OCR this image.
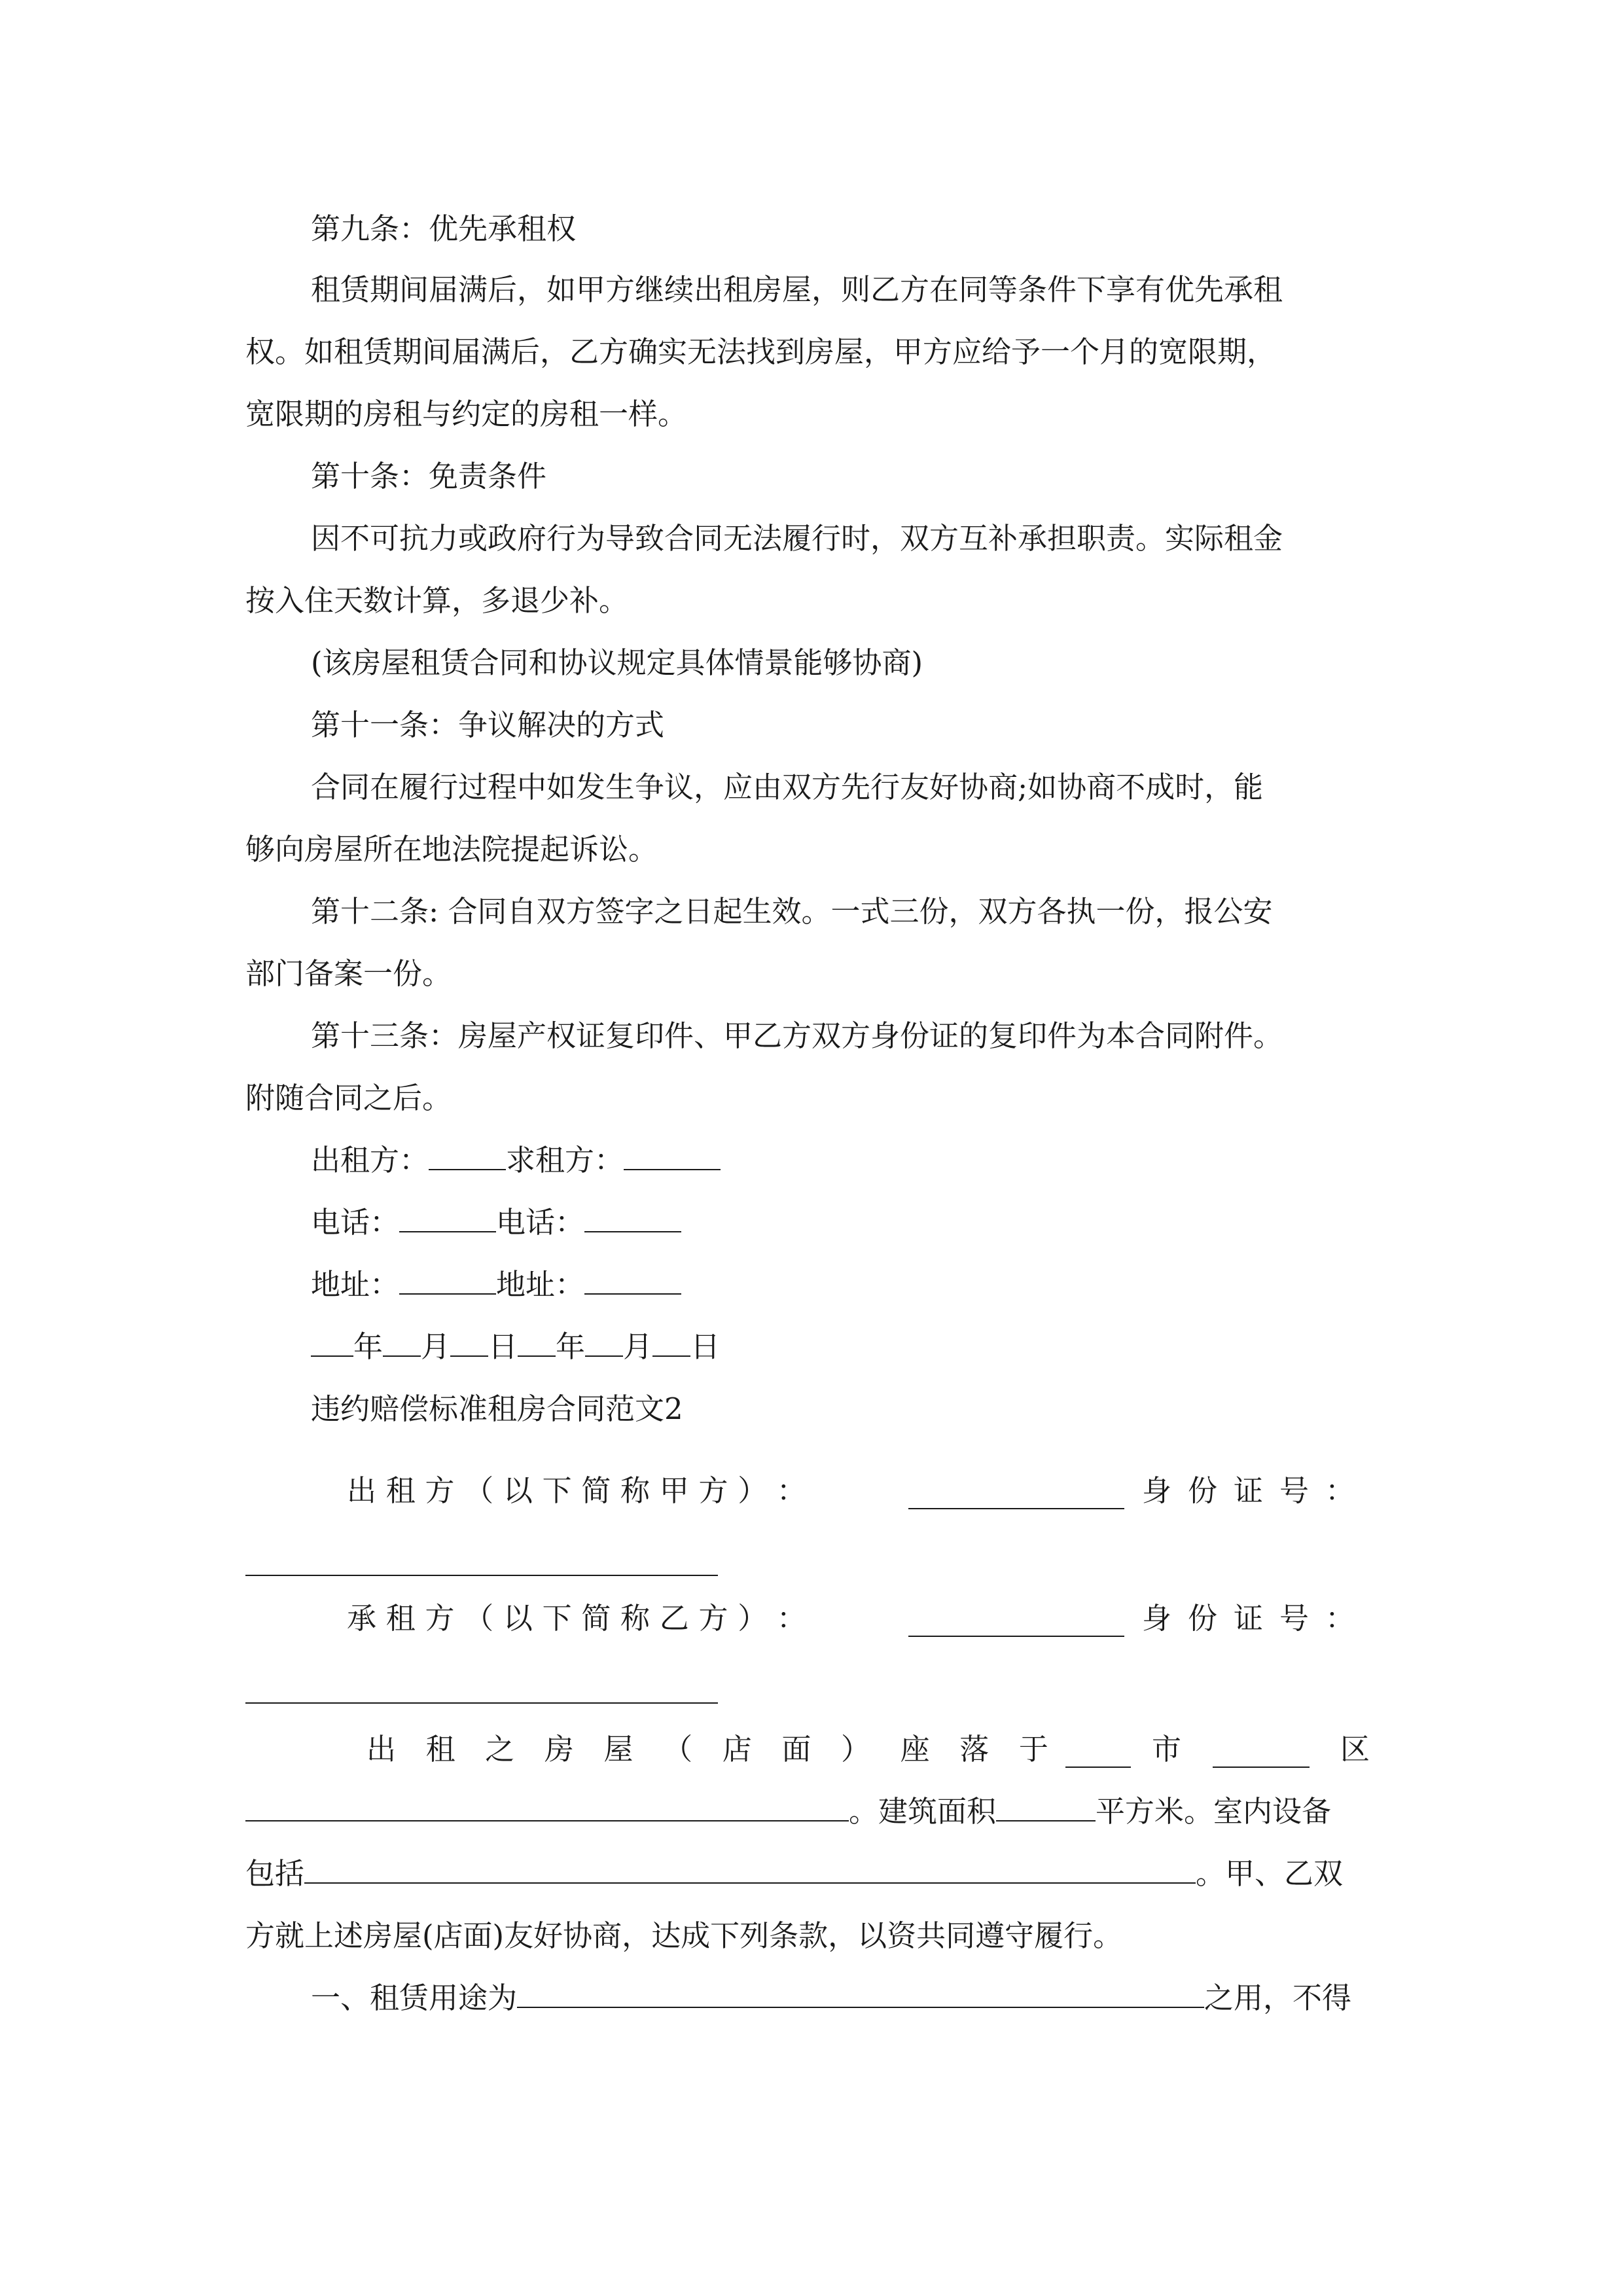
第九条：优先承租权
租赁期间届满后，如甲方继续出租房屋，则乙方在同等条件下享有优先承租
权。如租赁期间届满后，乙方确实无法找到房屋，甲方应给予一个月的宽限期，
宽限期的房租与约定的房租一样。
第十条：免责条件
因不可抗力或政府行为导致合同无法履行时，双方互补承担职责。实际租金
按入住天数计算，多退少补。
(该房屋租赁合同和协议规定具体情景能够协商)
第十一条：争议解决的方式
合同在履行过程中如发生争议，应由双方先行友好协商;如协商不成时，能
够向房屋所在地法院提起诉讼。
第十二条: 合同自双方签字之日起生效。一式三份，双方各执一份，报公安
部门备案一份。
第十三条：房屋产权证复印件、甲乙方双方身份证的复印件为本合同附件。
附随合同之后。
出租方：	求租方：
电话：	电话：
地址：	地址：
年 月 日 年 月 日
违约赔偿标准租房合同范文2
出 租 方 （ 以 下 简 称 甲 方 ） ：	身 份 证 号 ：
承 租 方 （ 以 下 简 称 乙 方 ） ：	身 份 证 号 ：
出 租 之 房 屋 （ 店 面 ） 座 落 于	市	区
。建筑面积	平方米。室内设备
包括	。甲、乙双
方就上述房屋(店面)友好协商，达成下列条款，以资共同遵守履行。
一、租赁用途为	之用，不得
